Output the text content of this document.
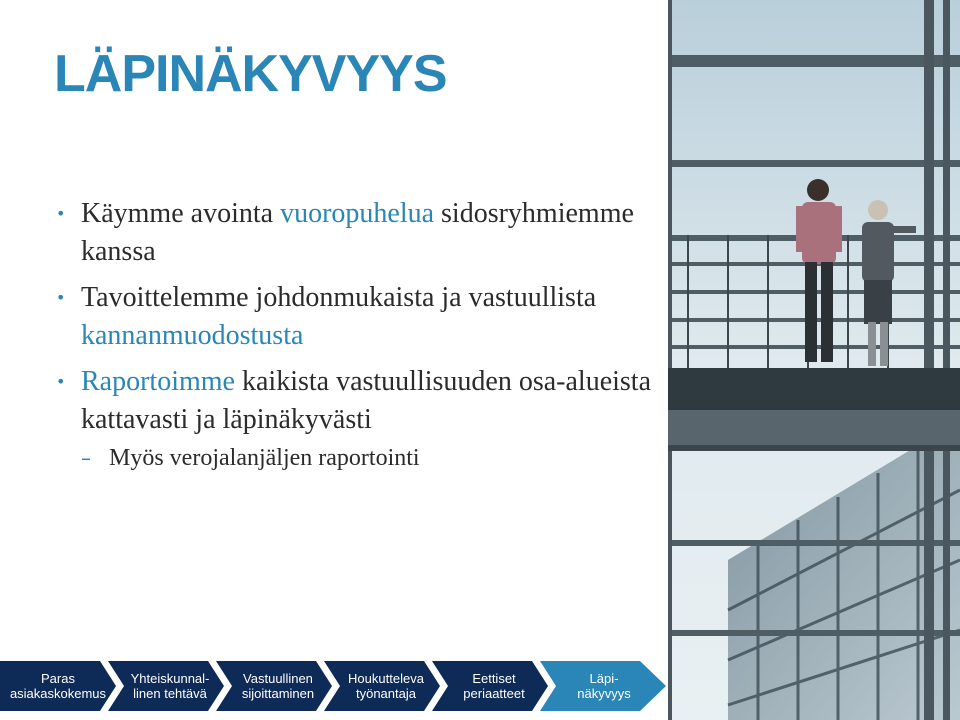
LÄPINÄKYVYYS
• Käymme avointa vuoropuhelua sidosryhmiemme kanssa
• Tavoittelemme johdonmukaista ja vastuullista kannanmuodostusta
• Raportoimme kaikista vastuullisuuden osa-alueista kattavasti ja läpinäkyvästi
– Myös verojalanjäljen raportointi
Paras
asiakaskokemus
Yhteiskunnal-
linen tehtävä
Vastuullinen
sijoittaminen
Houkutteleva
työnantaja
Eettiset
periaatteet
Läpi-
näkyvyys
